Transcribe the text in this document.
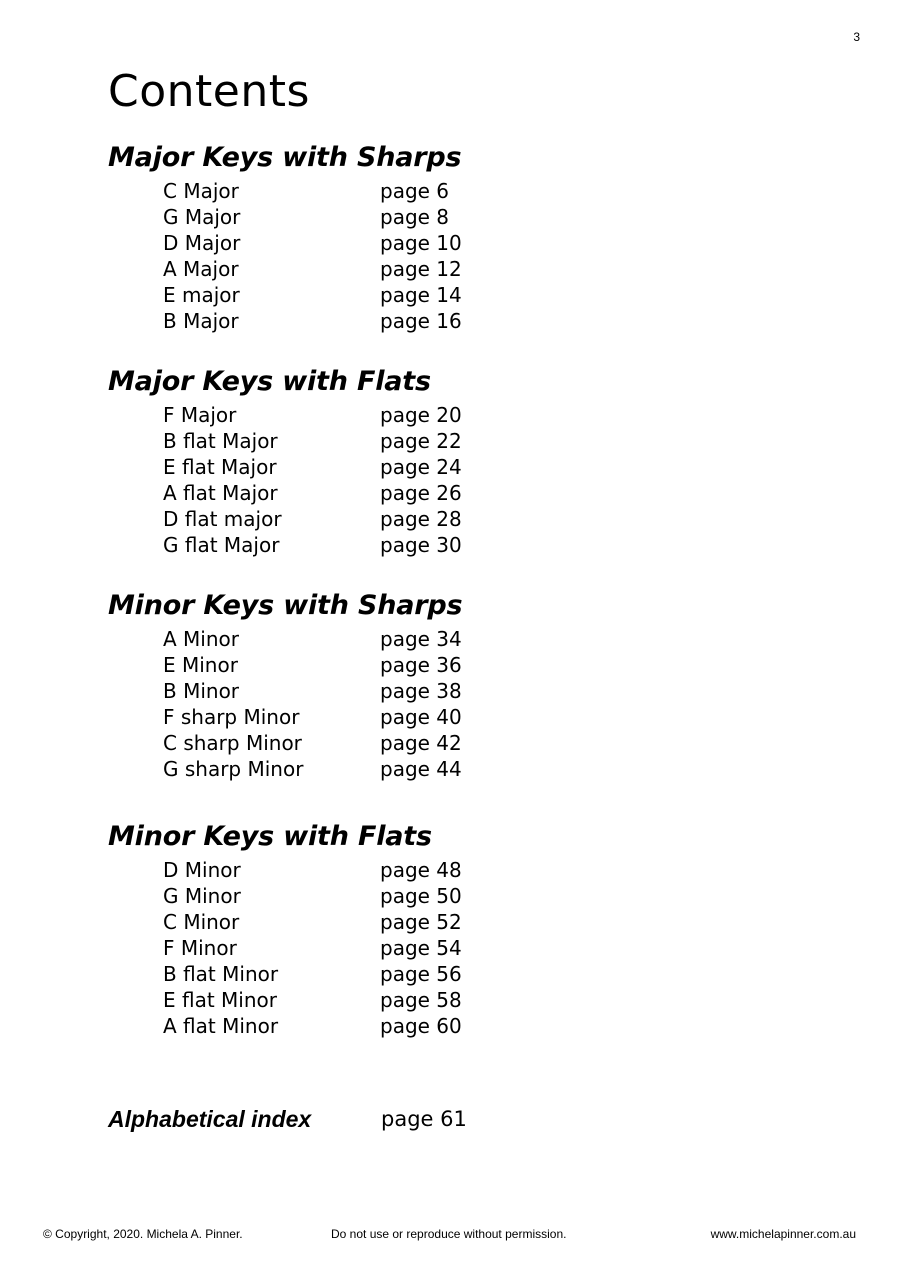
3
Contents
Major Keys with Sharps
C Major	page 6
G Major	page 8
D Major	page 10
A Major	page 12
E major	page 14
B Major	page 16
Major Keys with Flats
F Major	page 20
B flat Major	page 22
E flat Major	page 24
A flat Major	page 26
D flat major	page 28
G flat Major	page 30
Minor Keys with Sharps
A Minor	page 34
E Minor	page 36
B Minor	page 38
F sharp Minor	page 40
C sharp Minor	page 42
G sharp Minor	page 44
Minor Keys with Flats
D Minor	page 48
G Minor	page 50
C Minor	page 52
F Minor	page 54
B flat Minor	page 56
E flat Minor	page 58
A flat Minor	page 60
Alphabetical index	page 61
© Copyright, 2020. Michela A. Pinner.	Do not use or reproduce without permission.	www.michelapinner.com.au
